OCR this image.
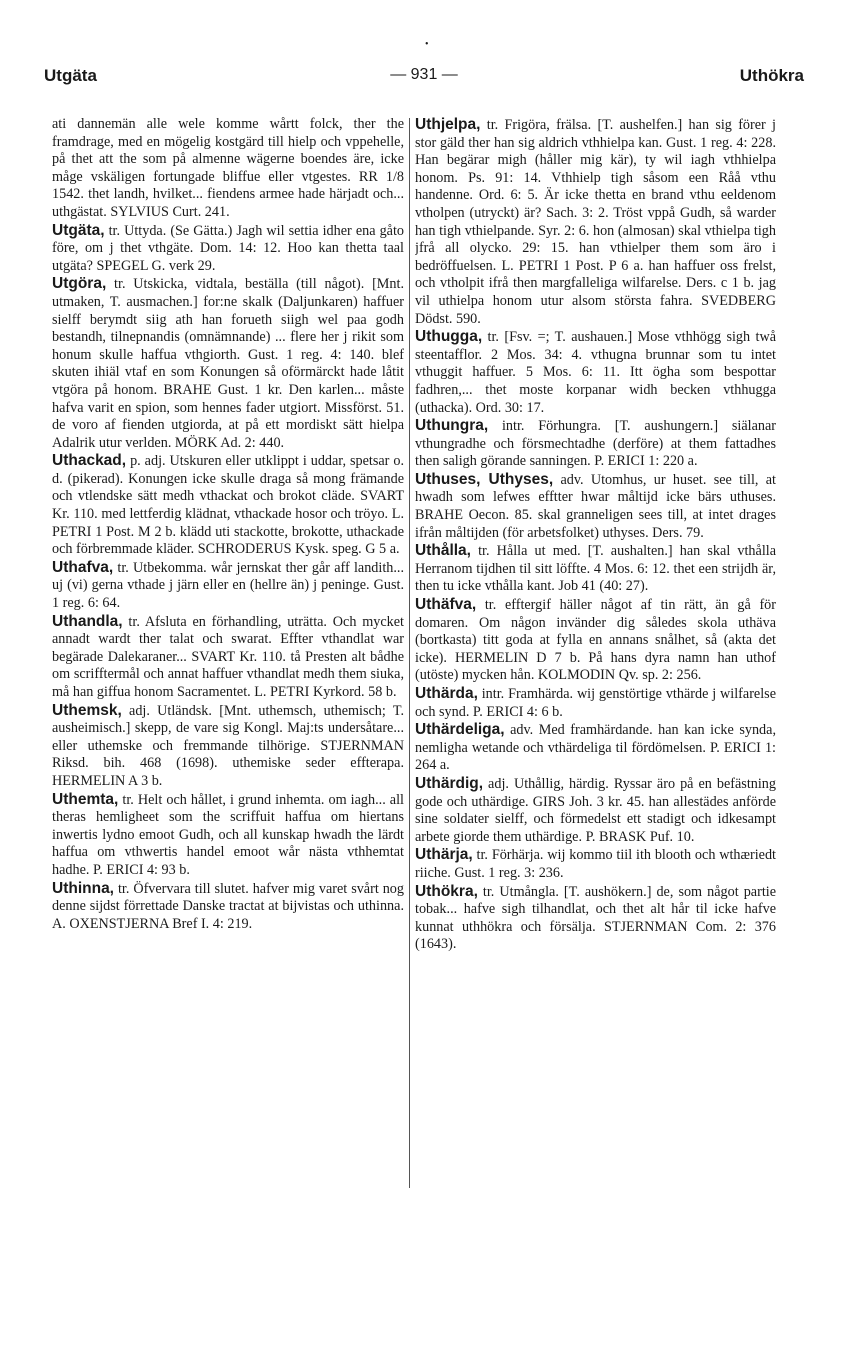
•
Utgäta	— 931 —	Uthökra

ati dannemän alle wele komme wårtt folck, ther the framdrage, med en mögelig kostgärd till hielp och vppehelle, på thet att the som på almenne wägerne boendes äre, icke måge vskäligen fortungade bliffue eller vtgestes. RR 1/8 1542. thet landh, hvilket... fiendens armee hade härjadt och... uthgästat. SYLVIUS Curt. 241.

Utgäta, tr. Uttyda. (Se Gätta.) Jagh wil settia idher ena gåto före, om j thet vthgäte. Dom. 14: 12. Hoo kan thetta taal utgäta? SPEGEL G. verk 29.

Utgöra, tr. Utskicka, vidtala, beställa (till något). [Mnt. utmaken, T. ausmachen.] for:ne skalk (Daljunkaren) haffuer sielff berymdt siig ath han forueth siigh wel paa godh bestandh, tilnepnandis (omnämnande) ... flere her j rikit som honum skulle haffua vthgiorth. Gust. 1 reg. 4: 140. blef skuten ihiäl vtaf en som Konungen så oförmärckt hade låtit vtgöra på honom. BRAHE Gust. 1 kr. Den karlen... måste hafva varit en spion, som hennes fader utgiort. Missförst. 51. de voro af fienden utgiorda, at på ett mordiskt sätt hielpa Adalrik utur verlden. MÖRK Ad. 2: 440.

Uthackad, p. adj. Utskuren eller utklippt i uddar, spetsar o. d. (pikerad). Konungen icke skulle draga så mong främande och vtlendske sätt medh vthackat och brokot cläde. SVART Kr. 110. med lettferdig klädnat, vthackade hosor och tröyo. L. PETRI 1 Post. M 2 b. klädd uti stackotte, brokotte, uthackade och förbremmade kläder. SCHRODERUS Kysk. speg. G 5 a.

Uthafva, tr. Utbekomma. wår jernskat ther går aff landith... uj (vi) gerna vthade j järn eller en (hellre än) j peninge. Gust. 1 reg. 6: 64.

Uthandla, tr. Afsluta en förhandling, uträtta. Och mycket annadt wardt ther talat och swarat. Effter vthandlat war begärade Dalekaraner... SVART Kr. 110. tå Presten alt bådhe om scrifftermål och annat haffuer vthandlat medh them siuka, må han giffua honom Sacramentet. L. PETRI Kyrkord. 58 b.

Uthemsk, adj. Utländsk. [Mnt. uthemsch, uthemisch; T. ausheimisch.] skepp, de vare sig Kongl. Maj:ts undersåtare... eller uthemske och fremmande tilhörige. STJERNMAN Riksd. bih. 468 (1698). uthemiske seder effterapa. HERMELIN A 3 b.

Uthemta, tr. Helt och hållet, i grund inhemta. om iagh... all theras hemligheet som the scriffuit haffua om hiertans inwertis lydno emoot Gudh, och all kunskap hwadh the lärdt haffua om vthwertis handel emoot wår nästa vthhemtat hadhe. P. ERICI 4: 93 b.

Uthinna, tr. Öfvervara till slutet. hafver mig varet svårt nog denne sijdst förrettade Danske tractat at bijvistas och uthinna. A. OXENSTJERNA Bref I. 4: 219.

Uthjelpa, tr. Frigöra, frälsa. [T. aushelfen.] han sig förer j stor gäld ther han sig aldrich vthhielpa kan. Gust. 1 reg. 4: 228. Han begärar migh (håller mig kär), ty wil iagh vthhielpa honom. Ps. 91: 14. Vthhielp tigh såsom een Råå vthu handenne. Ord. 6: 5. Är icke thetta en brand vthu eeldenom vtholpen (utryckt) är? Sach. 3: 2. Tröst vppå Gudh, så warder han tigh vthielpande. Syr. 2: 6. hon (almosan) skal vthielpa tigh jfrå all olycko. 29: 15. han vthielper them som äro i bedröffuelsen. L. PETRI 1 Post. P 6 a. han haffuer oss frelst, och vtholpit ifrå then margfalleliga wilfarelse. Ders. c 1 b. jag vil uthielpa honom utur alsom största fahra. SVEDBERG Dödst. 590.

Uthugga, tr. [Fsv. =; T. aushauen.] Mose vthhögg sigh twå steentafflor. 2 Mos. 34: 4. vthugna brunnar som tu intet vthuggit haffuer. 5 Mos. 6: 11. Itt ögha som bespottar fadhren,... thet moste korpanar widh becken vthhugga (uthacka). Ord. 30: 17.

Uthungra, intr. Förhungra. [T. aushungern.] siälanar vthungradhe och försmechtadhe (derföre) at them fattadhes then saligh görande sanningen. P. ERICI 1: 220 a.

Uthuses, Uthyses, adv. Utomhus, ur huset. see till, at hwadh som lefwes efftter hwar måltijd icke bärs uthuses. BRAHE Oecon. 85. skal granneligen sees till, at intet drages ifrån måltijden (för arbetsfolket) uthyses. Ders. 79.

Uthålla, tr. Hålla ut med. [T. aushalten.] han skal vthålla Herranom tijdhen til sitt löffte. 4 Mos. 6: 12. thet een strijdh är, then tu icke vthålla kant. Job 41 (40: 27).

Uthäfva, tr. efftergif häller något af tin rätt, än gå för domaren. Om någon invänder dig således skola uthäva (bortkasta) titt goda at fylla en annans snålhet, så (akta det icke). HERMELIN D 7 b. På hans dyra namn han uthof (utöste) mycken hån. KOLMODIN Qv. sp. 2: 256.

Uthärda, intr. Framhärda. wij genstörtige vthärde j wilfarelse och synd. P. ERICI 4: 6 b.

Uthärdeliga, adv. Med framhärdande. han kan icke synda, nemligha wetande och vthärdeliga til fördömelsen. P. ERICI 1: 264 a.

Uthärdig, adj. Uthållig, härdig. Ryssar äro på en befästning gode och uthärdige. GIRS Joh. 3 kr. 45. han allestädes anförde sine soldater sielff, och förmedelst ett stadigt och idkesampt arbete giorde them uthärdige. P. BRASK Puf. 10.

Uthärja, tr. Förhärja. wij kommo tiil ith blooth och wthæriedt riiche. Gust. 1 reg. 3: 236.

Uthökra, tr. Utmångla. [T. aushökern.] de, som något partie tobak... hafve sigh tilhandlat, och thet alt hår til icke hafve kunnat uthhökra och försälja. STJERNMAN Com. 2: 376 (1643).
